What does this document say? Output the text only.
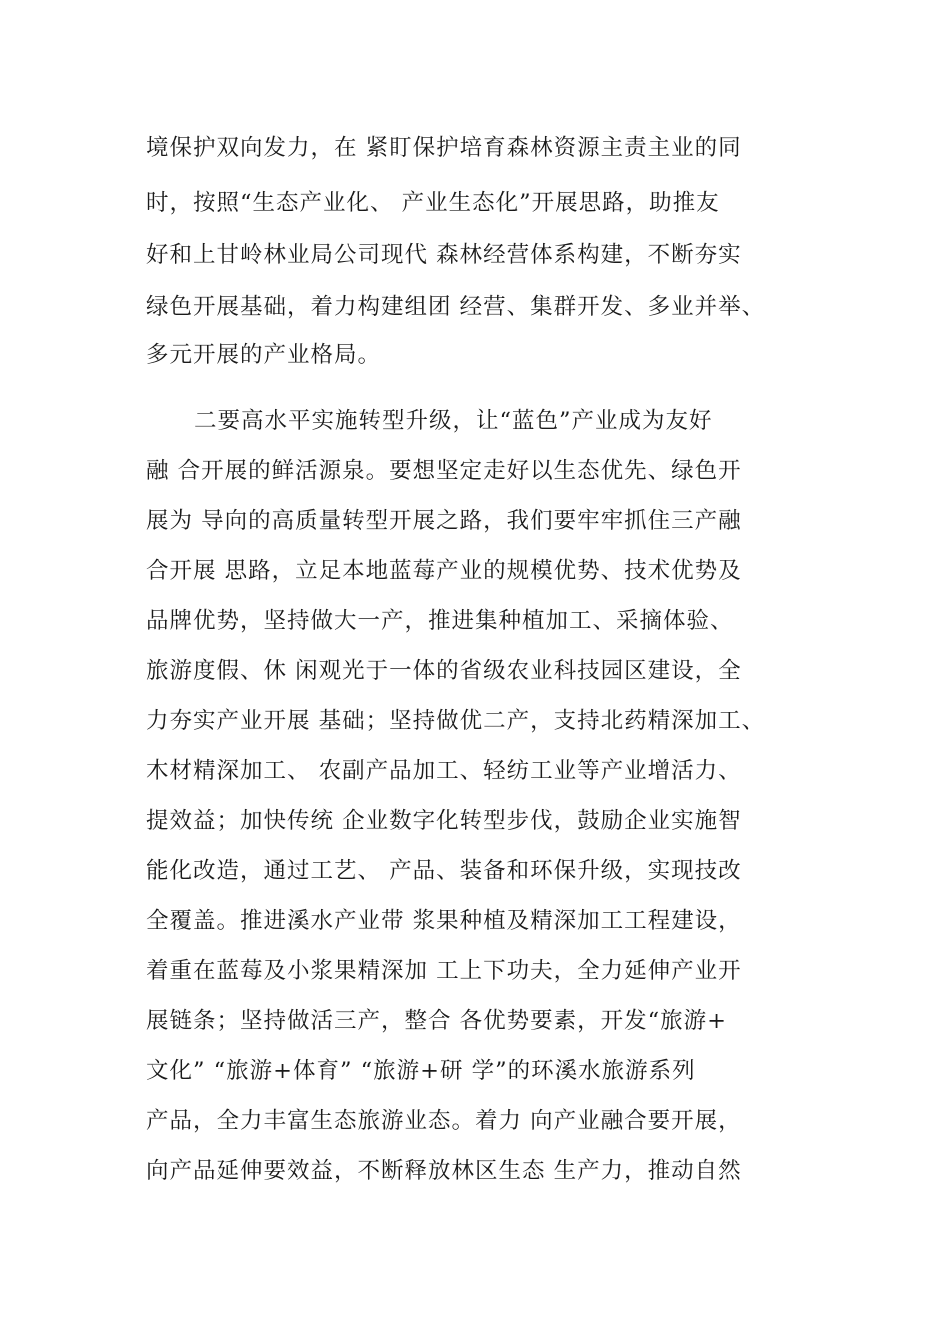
境保护双向发力，在 紧盯保护培育森林资源主责主业的同
时，按照“生态产业化、 产业生态化”开展思路，助推友
好和上甘岭林业局公司现代 森林经营体系构建，不断夯实
绿色开展基础，着力构建组团 经营、集群开发、多业并举、
多元开展的产业格局。
二要高水平实施转型升级，让“蓝色”产业成为友好
融 合开展的鲜活源泉。要想坚定走好以生态优先、绿色开
展为 导向的高质量转型开展之路，我们要牢牢抓住三产融
合开展 思路，立足本地蓝莓产业的规模优势、技术优势及
品牌优势，坚持做大一产，推进集种植加工、采摘体验、
旅游度假、休 闲观光于一体的省级农业科技园区建设，全
力夯实产业开展 基础；坚持做优二产，支持北药精深加工、
木材精深加工、 农副产品加工、轻纺工业等产业增活力、
提效益；加快传统 企业数字化转型步伐，鼓励企业实施智
能化改造，通过工艺、 产品、装备和环保升级，实现技改
全覆盖。推进溪水产业带 浆果种植及精深加工工程建设，
着重在蓝莓及小浆果精深加 工上下功夫，全力延伸产业开
展链条；坚持做活三产，整合 各优势要素，开发“旅游+
文化” “旅游+体育” “旅游+研 学”的环溪水旅游系列
产品，全力丰富生态旅游业态。着力 向产业融合要开展，
向产品延伸要效益，不断释放林区生态 生产力，推动自然
